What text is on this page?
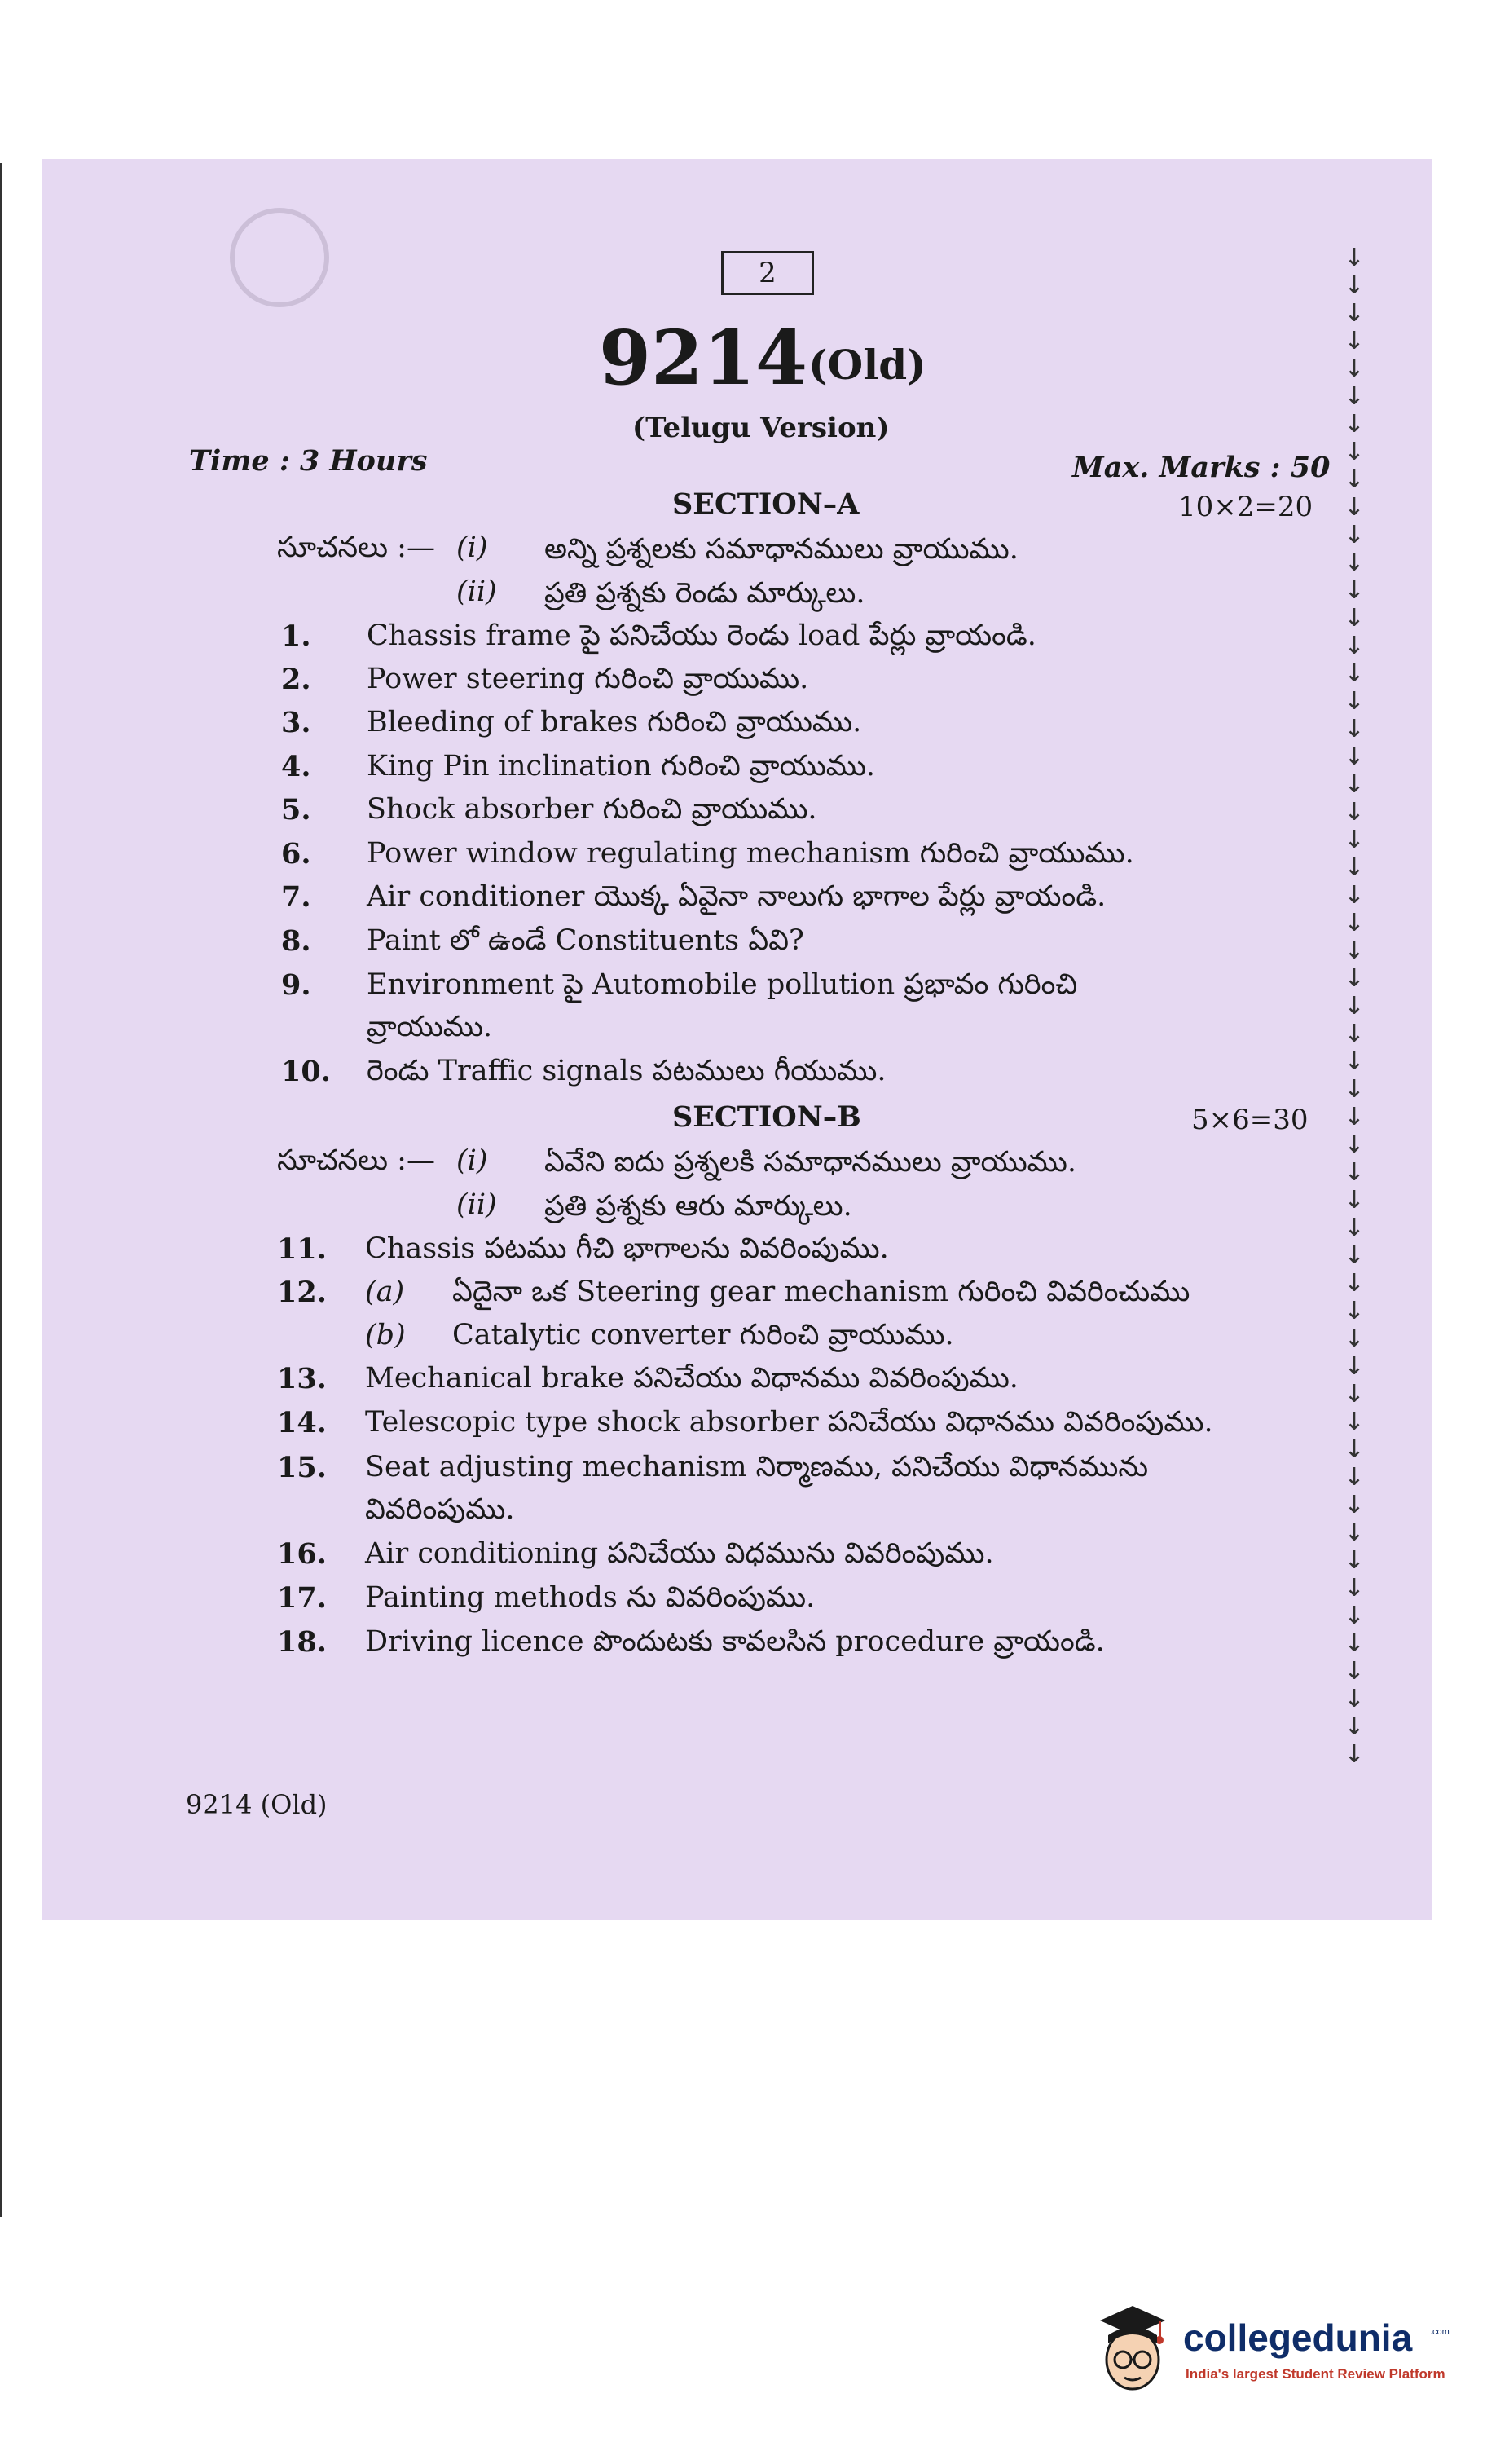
2
9214 (Old)
(Telugu Version)
Time : 3 Hours	Max. Marks : 50
SECTION–A	10×2=20
సూచనలు :— (i) అన్ని ప్రశ్నలకు సమాధానములు వ్రాయుము.
(ii) ప్రతి ప్రశ్నకు రెండు మార్కులు.
1. Chassis frame పై పనిచేయు రెండు load పేర్లు వ్రాయండి.
2. Power steering గురించి వ్రాయుము.
3. Bleeding of brakes గురించి వ్రాయుము.
4. King Pin inclination గురించి వ్రాయుము.
5. Shock absorber గురించి వ్రాయుము.
6. Power window regulating mechanism గురించి వ్రాయుము.
7. Air conditioner యొక్క ఏవైనా నాలుగు భాగాల పేర్లు వ్రాయండి.
8. Paint లో ఉండే Constituents ఏవి?
9. Environment పై Automobile pollution ప్రభావం గురించి
వ్రాయుము.
10. రెండు Traffic signals పటములు గీయుము.
SECTION–B	5×6=30
సూచనలు :— (i) ఏవేని ఐదు ప్రశ్నలకి సమాధానములు వ్రాయుము.
(ii) ప్రతి ప్రశ్నకు ఆరు మార్కులు.
11. Chassis పటము గీచి భాగాలను వివరింపుము.
12. (a) ఏదైనా ఒక Steering gear mechanism గురించి వివరించుము
(b) Catalytic converter గురించి వ్రాయుము.
13. Mechanical brake పనిచేయు విధానము వివరింపుము.
14. Telescopic type shock absorber పనిచేయు విధానము వివరింపుము.
15. Seat adjusting mechanism నిర్మాణము, పనిచేయు విధానమును
వివరింపుము.
16. Air conditioning పనిచేయు విధమును వివరింపుము.
17. Painting methods ను వివరింపుము.
18. Driving licence పొందుటకు కావలసిన procedure వ్రాయండి.
9214 (Old)
↓
↓
↓
↓
↓
↓
↓
↓
↓
↓
↓
↓
↓
↓
↓
↓
↓
↓
↓
↓
↓
↓
↓
↓
↓
↓
↓
↓
↓
↓
↓
↓
↓
↓
↓
↓
↓
↓
↓
↓
↓
↓
↓
↓
↓
↓
↓
↓
↓
↓
↓
↓
↓
↓
↓
collegedunia .com
India's largest Student Review Platform
